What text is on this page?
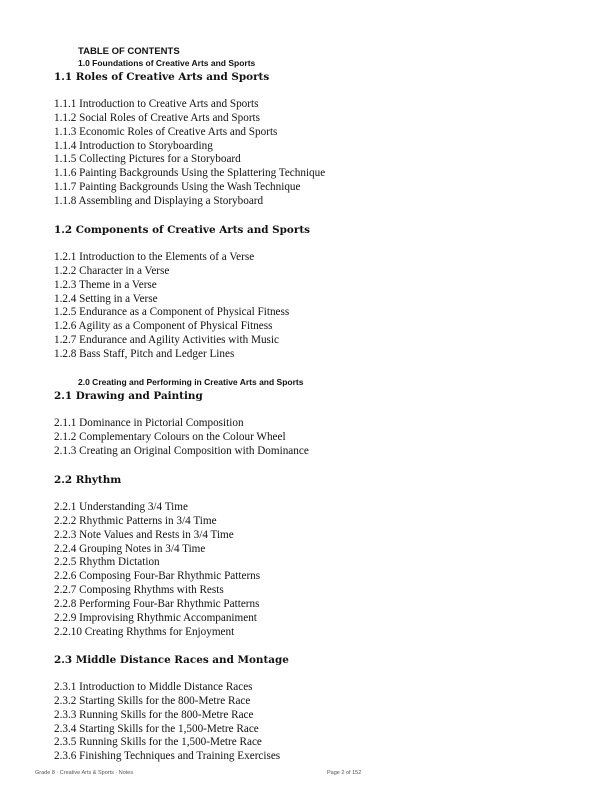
TABLE OF CONTENTS
1.0 Foundations of Creative Arts and Sports
1.1 Roles of Creative Arts and Sports
1.1.1 Introduction to Creative Arts and Sports
1.1.2 Social Roles of Creative Arts and Sports
1.1.3 Economic Roles of Creative Arts and Sports
1.1.4 Introduction to Storyboarding
1.1.5 Collecting Pictures for a Storyboard
1.1.6 Painting Backgrounds Using the Splattering Technique
1.1.7 Painting Backgrounds Using the Wash Technique
1.1.8 Assembling and Displaying a Storyboard
1.2 Components of Creative Arts and Sports
1.2.1 Introduction to the Elements of a Verse
1.2.2 Character in a Verse
1.2.3 Theme in a Verse
1.2.4 Setting in a Verse
1.2.5 Endurance as a Component of Physical Fitness
1.2.6 Agility as a Component of Physical Fitness
1.2.7 Endurance and Agility Activities with Music
1.2.8 Bass Staff, Pitch and Ledger Lines
2.0 Creating and Performing in Creative Arts and Sports
2.1 Drawing and Painting
2.1.1 Dominance in Pictorial Composition
2.1.2 Complementary Colours on the Colour Wheel
2.1.3 Creating an Original Composition with Dominance
2.2 Rhythm
2.2.1 Understanding 3/4 Time
2.2.2 Rhythmic Patterns in 3/4 Time
2.2.3 Note Values and Rests in 3/4 Time
2.2.4 Grouping Notes in 3/4 Time
2.2.5 Rhythm Dictation
2.2.6 Composing Four-Bar Rhythmic Patterns
2.2.7 Composing Rhythms with Rests
2.2.8 Performing Four-Bar Rhythmic Patterns
2.2.9 Improvising Rhythmic Accompaniment
2.2.10 Creating Rhythms for Enjoyment
2.3 Middle Distance Races and Montage
2.3.1 Introduction to Middle Distance Races
2.3.2 Starting Skills for the 800-Metre Race
2.3.3 Running Skills for the 800-Metre Race
2.3.4 Starting Skills for the 1,500-Metre Race
2.3.5 Running Skills for the 1,500-Metre Race
2.3.6 Finishing Techniques and Training Exercises
Grade 8 · Creative Arts & Sports · Notes	Page 2 of 152
